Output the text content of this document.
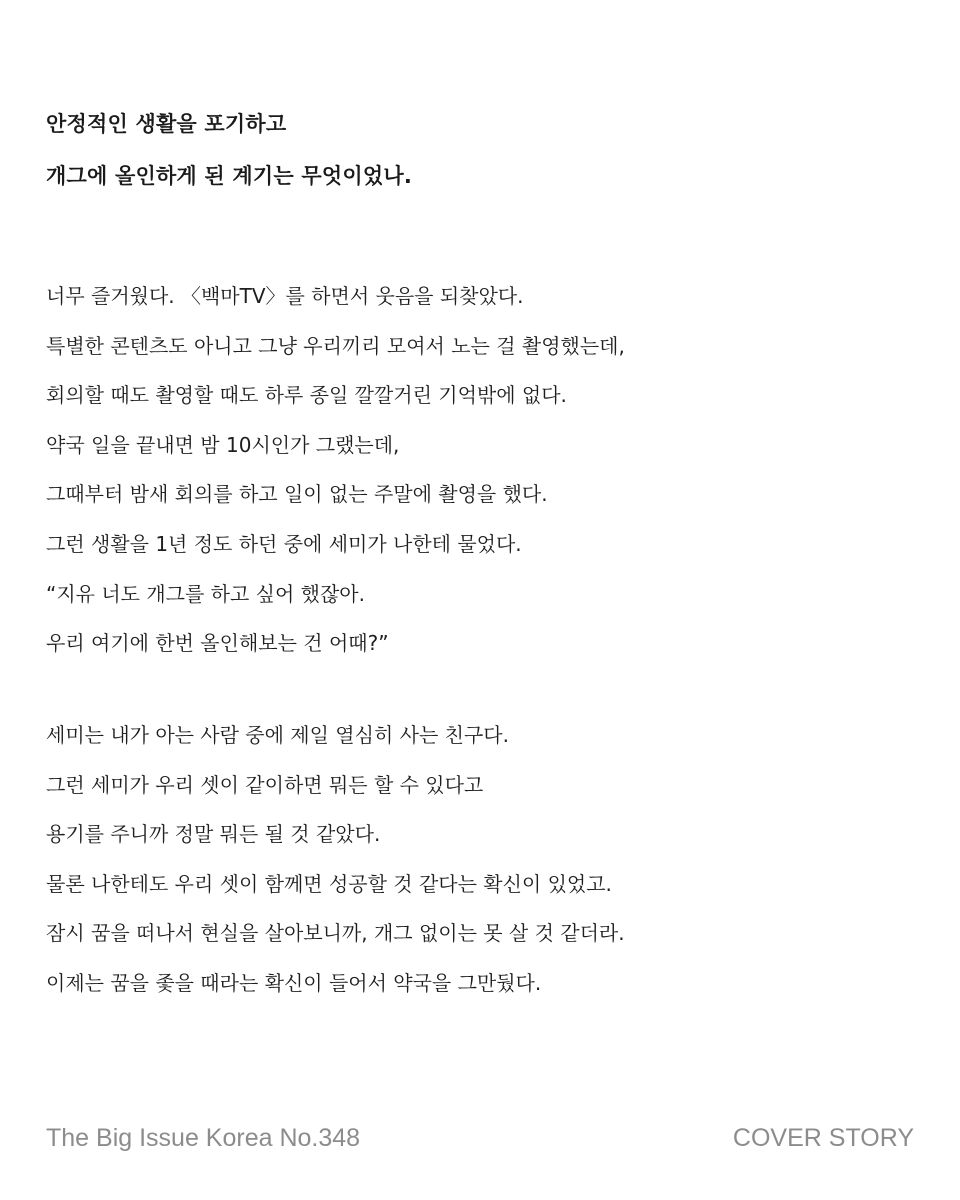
안정적인 생활을 포기하고
개그에 올인하게 된 계기는 무엇이었나.
너무 즐거웠다. 〈백마TV〉를 하면서 웃음을 되찾았다.
특별한 콘텐츠도 아니고 그냥 우리끼리 모여서 노는 걸 촬영했는데,
회의할 때도 촬영할 때도 하루 종일 깔깔거린 기억밖에 없다.
약국 일을 끝내면 밤 10시인가 그랬는데,
그때부터 밤새 회의를 하고 일이 없는 주말에 촬영을 했다.
그런 생활을 1년 정도 하던 중에 세미가 나한테 물었다.
“지유 너도 개그를 하고 싶어 했잖아.
우리 여기에 한번 올인해보는 건 어때?”
세미는 내가 아는 사람 중에 제일 열심히 사는 친구다.
그런 세미가 우리 셋이 같이하면 뭐든 할 수 있다고
용기를 주니까 정말 뭐든 될 것 같았다.
물론 나한테도 우리 셋이 함께면 성공할 것 같다는 확신이 있었고.
잠시 꿈을 떠나서 현실을 살아보니까, 개그 없이는 못 살 것 같더라.
이제는 꿈을 좇을 때라는 확신이 들어서 약국을 그만뒀다.
The Big Issue Korea No.348	COVER STORY
